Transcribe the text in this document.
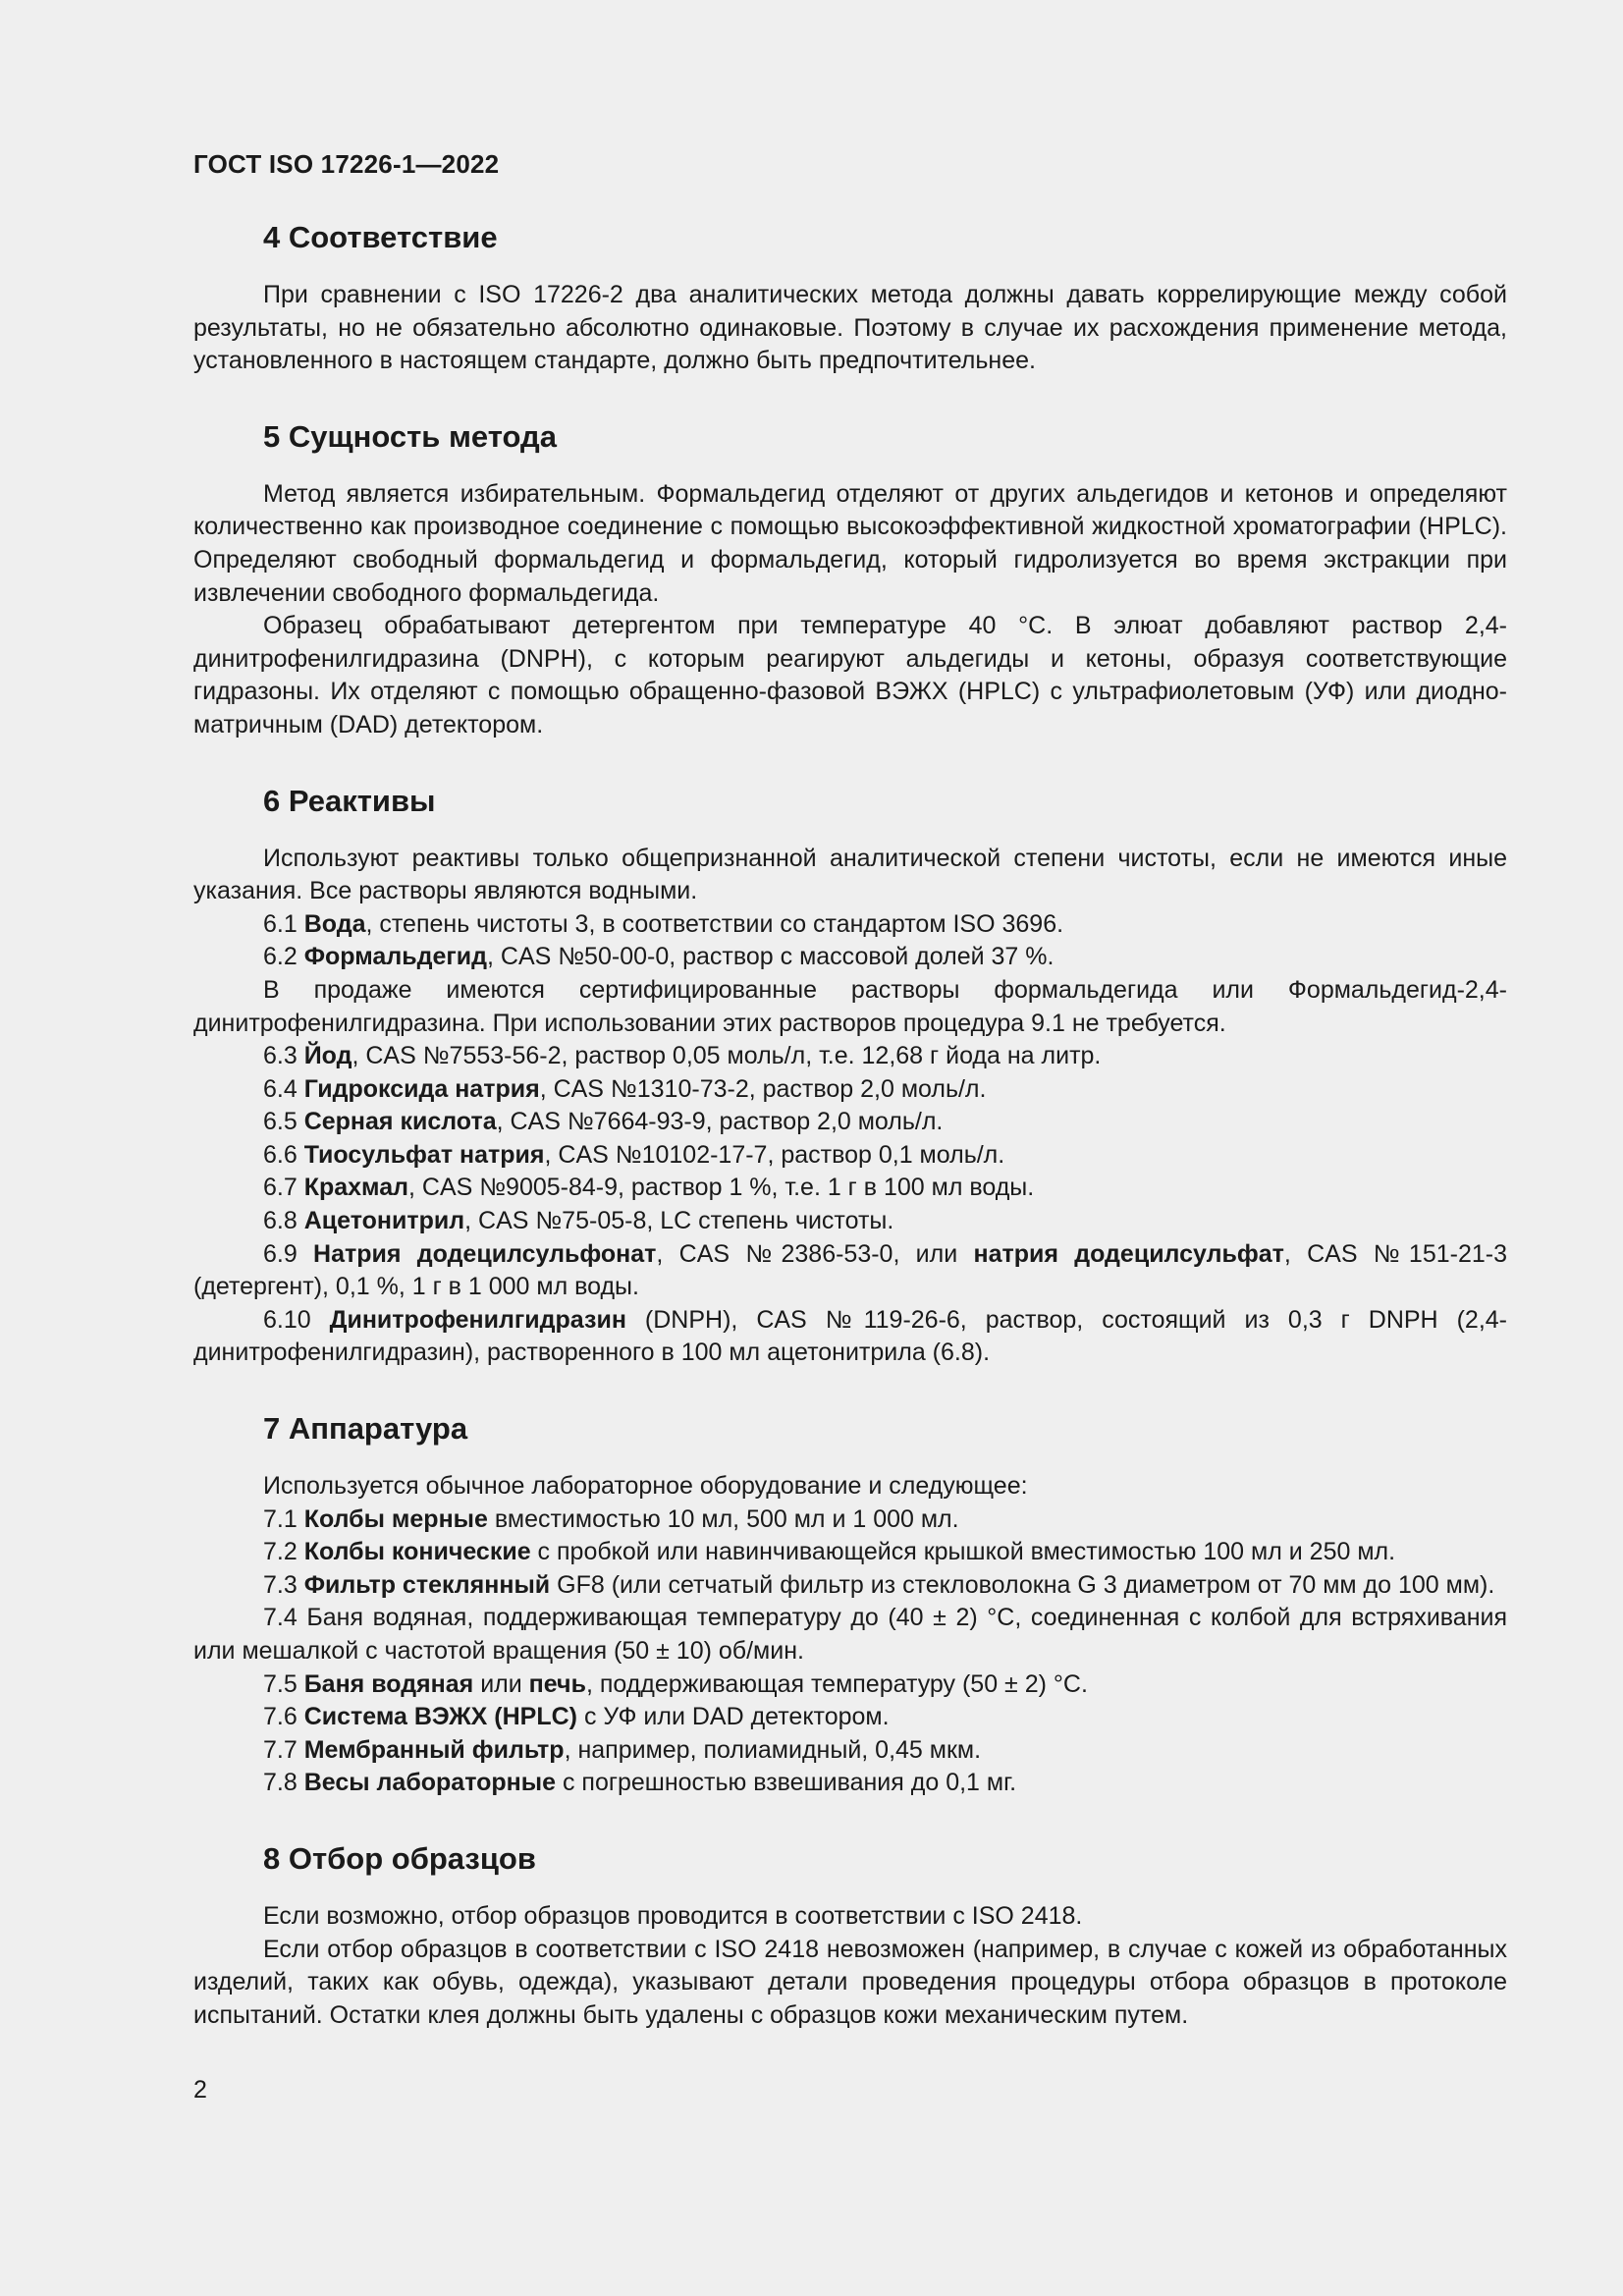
ГОСТ ISO 17226-1—2022
4 Соответствие

При сравнении с ISO 17226-2 два аналитических метода должны давать коррелирующие между собой результаты, но не обязательно абсолютно одинаковые. Поэтому в случае их расхождения применение метода, установленного в настоящем стандарте, должно быть предпочтительнее.

5 Сущность метода

Метод является избирательным. Формальдегид отделяют от других альдегидов и кетонов и определяют количественно как производное соединение с помощью высокоэффективной жидкостной хроматографии (HPLC). Определяют свободный формальдегид и формальдегид, который гидролизуется во время экстракции при извлечении свободного формальдегида.

Образец обрабатывают детергентом при температуре 40 °С. В элюат добавляют раствор 2,4-динитрофенилгидразина (DNPH), с которым реагируют альдегиды и кетоны, образуя соответствующие гидразоны. Их отделяют с помощью обращенно-фазовой ВЭЖХ (HPLC) с ультрафиолетовым (УФ) или диодно-матричным (DAD) детектором.

6 Реактивы

Используют реактивы только общепризнанной аналитической степени чистоты, если не имеются иные указания. Все растворы являются водными.

6.1 Вода, степень чистоты 3, в соответствии со стандартом ISO 3696.

6.2 Формальдегид, CAS №50-00-0, раствор с массовой долей 37 %.

В продаже имеются сертифицированные растворы формальдегида или Формальдегид-2,4-динитрофенилгидразина. При использовании этих растворов процедура 9.1 не требуется.

6.3 Йод, CAS №7553-56-2, раствор 0,05 моль/л, т.е. 12,68 г йода на литр.

6.4 Гидроксида натрия, CAS №1310-73-2, раствор 2,0 моль/л.

6.5 Серная кислота, CAS №7664-93-9, раствор 2,0 моль/л.

6.6 Тиосульфат натрия, CAS №10102-17-7, раствор 0,1 моль/л.

6.7 Крахмал, CAS №9005-84-9, раствор 1 %, т.е. 1 г в 100 мл воды.

6.8 Ацетонитрил, CAS №75-05-8, LC степень чистоты.

6.9 Натрия додецилсульфонат, CAS №2386-53-0, или натрия додецилсульфат, CAS №151-21-3 (детергент), 0,1 %, 1 г в 1 000 мл воды.

6.10 Динитрофенилгидразин (DNPH), CAS №119-26-6, раствор, состоящий из 0,3 г DNPH (2,4-динитрофенилгидразин), растворенного в 100 мл ацетонитрила (6.8).

7 Аппаратура

Используется обычное лабораторное оборудование и следующее:

7.1 Колбы мерные вместимостью 10 мл, 500 мл и 1 000 мл.

7.2 Колбы конические с пробкой или навинчивающейся крышкой вместимостью 100 мл и 250 мл.

7.3 Фильтр стеклянный GF8 (или сетчатый фильтр из стекловолокна G 3 диаметром от 70 мм до 100 мм).

7.4 Баня водяная, поддерживающая температуру до (40 ± 2) °С, соединенная с колбой для встряхивания или мешалкой с частотой вращения (50 ± 10) об/мин.

7.5 Баня водяная или печь, поддерживающая температуру (50 ± 2) °С.

7.6 Система ВЭЖХ (HPLC) с УФ или DAD детектором.

7.7 Мембранный фильтр, например, полиамидный, 0,45 мкм.

7.8 Весы лабораторные с погрешностью взвешивания до 0,1 мг.

8 Отбор образцов

Если возможно, отбор образцов проводится в соответствии с ISO 2418.

Если отбор образцов в соответствии с ISO 2418 невозможен (например, в случае с кожей из обработанных изделий, таких как обувь, одежда), указывают детали проведения процедуры отбора образцов в протоколе испытаний. Остатки клея должны быть удалены с образцов кожи механическим путем.

2
